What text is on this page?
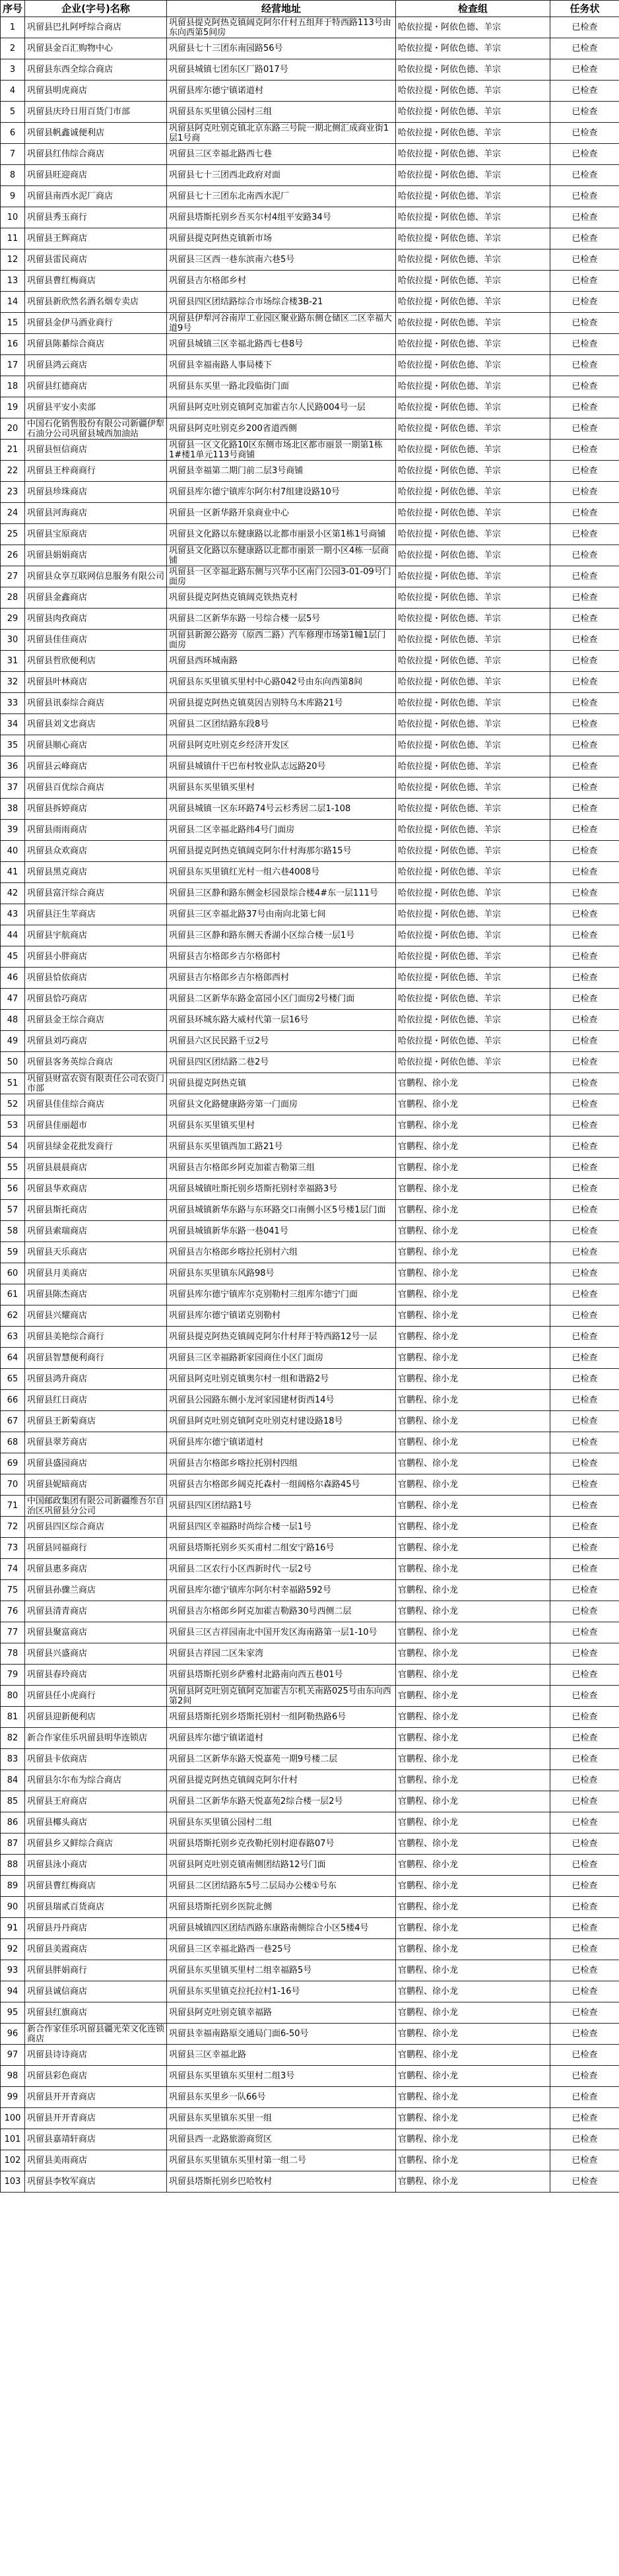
序号	企业(字号)名称	经营地址	检查组	任务状
1	巩留县巴扎阿呼综合商店	巩留县提克阿热克镇阔克阿尔什村五组拜于特西路113号由东向西第5间房	哈依拉提・阿依色德、羊宗	已检查
2	巩留县金百汇购物中心	巩留县七十三团东南园路56号	哈依拉提・阿依色德、羊宗	已检查
3	巩留县东西全综合商店	巩留县城镇七团东区厂路017号	哈依拉提・阿依色德、羊宗	已检查
4	巩留县明虎商店	巩留县库尔德宁镇诺道村	哈依拉提・阿依色德、羊宗	已检查
5	巩留县庆玲日用百货门市部	巩留县东买里镇公园村三组	哈依拉提・阿依色德、羊宗	已检查
6	巩留县帆鑫诚便利店	巩留县阿克吐别克镇北京东路三号院一期北侧汇成商业街1层1号商	哈依拉提・阿依色德、羊宗	已检查
7	巩留县红伟综合商店	巩留县三区幸福北路西七巷	哈依拉提・阿依色德、羊宗	已检查
8	巩留县旺迎商店	巩留县七十三团西北政府对面	哈依拉提・阿依色德、羊宗	已检查
9	巩留县南西水泥厂商店	巩留县七十三团东北南西水泥厂	哈依拉提・阿依色德、羊宗	已检查
10	巩留县秀玉商行	巩留县塔斯托别乡吾买尔村4组平安路34号	哈依拉提・阿依色德、羊宗	已检查
11	巩留县王辉商店	巩留县提克阿热克镇新市场	哈依拉提・阿依色德、羊宗	已检查
12	巩留县雷民商店	巩留县三区西一巷东滨南六巷5号	哈依拉提・阿依色德、羊宗	已检查
13	巩留县曹红梅商店	巩留县吉尔格郎乡村	哈依拉提・阿依色德、羊宗	已检查
14	巩留县新欣然名酒名烟专卖店	巩留县四区团结路综合市场综合楼3B-21	哈依拉提・阿依色德、羊宗	已检查
15	巩留县金伊马酒业商行	巩留县伊犁河谷南岸工业园区聚业路东侧仓储区二区幸福大道9号	哈依拉提・阿依色德、羊宗	已检查
16	巩留县陈綦综合商店	巩留县城镇三区幸福北路西七巷8号	哈依拉提・阿依色德、羊宗	已检查
17	巩留县鸿云商店	巩留县幸福南路人事局楼下	哈依拉提・阿依色德、羊宗	已检查
18	巩留县红德商店	巩留县东买里一路北段临街门面	哈依拉提・阿依色德、羊宗	已检查
19	巩留县平安小卖部	巩留县阿克吐别克镇阿克加霍吉尔人民路004号一层	哈依拉提・阿依色德、羊宗	已检查
20	中国石化销售股份有限公司新疆伊犁石油分公司巩留县城西加油站	巩留县阿克吐别克乡200省道西侧	哈依拉提・阿依色德、羊宗	已检查
21	巩留县恒信商店	巩留县一区文化路10区东侧市场北区都市丽景一期第1栋1#楼1单元113号商铺	哈依拉提・阿依色德、羊宗	已检查
22	巩留县王梓商商行	巩留县幸福第二期门前二层3号商铺	哈依拉提・阿依色德、羊宗	已检查
23	巩留县珍珠商店	巩留县库尔德宁镇库尔阿尔村7组建设路10号	哈依拉提・阿依色德、羊宗	已检查
24	巩留县河海商店	巩留县一区新华路开泉商业中心	哈依拉提・阿依色德、羊宗	已检查
25	巩留县宝原商店	巩留县文化路以东健康路以北都市丽景小区第1栋1号商铺	哈依拉提・阿依色德、羊宗	已检查
26	巩留县娟娟商店	巩留县文化路以东健康路以北都市丽景一期小区4栋一层商铺	哈依拉提・阿依色德、羊宗	已检查
27	巩留县众享互联网信息服务有限公司	巩留县一区幸福北路东侧与兴华小区南门公园3-01-09号门面房	哈依拉提・阿依色德、羊宗	已检查
28	巩留县金鑫商店	巩留县提克阿热克镇阔克铁热克村	哈依拉提・阿依色德、羊宗	已检查
29	巩留县肉孜商店	巩留县二区新华东路一号综合楼一层5号	哈依拉提・阿依色德、羊宗	已检查
30	巩留县佳佳商店	巩留县新源公路旁（原西二路）汽车修理市场第1幢1层门面房	哈依拉提・阿依色德、羊宗	已检查
31	巩留县哲欣便利店	巩留县西环城南路	哈依拉提・阿依色德、羊宗	已检查
32	巩留县叶林商店	巩留县东买里镇买里村中心路042号由东向西第8间	哈依拉提・阿依色德、羊宗	已检查
33	巩留县讯泰综合商店	巩留县提克阿热克镇莫因吉别特乌木库路21号	哈依拉提・阿依色德、羊宗	已检查
34	巩留县刘文忠商店	巩留县二区团结路东段8号	哈依拉提・阿依色德、羊宗	已检查
35	巩留县顺心商店	巩留县阿克吐别克乡经济开发区	哈依拉提・阿依色德、羊宗	已检查
36	巩留县云峰商店	巩留县城镇什干巴布村牧业队志远路20号	哈依拉提・阿依色德、羊宗	已检查
37	巩留县百优综合商店	巩留县东买里镇买里村	哈依拉提・阿依色德、羊宗	已检查
38	巩留县拆婷商店	巩留县城镇一区东环路74号云杉秀居二层1-108	哈依拉提・阿依色德、羊宗	已检查
39	巩留县雨雨商店	巩留县二区幸福北路纬4号门面房	哈依拉提・阿依色德、羊宗	已检查
40	巩留县众欢商店	巩留县提克阿热克镇阔克阿尔什村海那尔路15号	哈依拉提・阿依色德、羊宗	已检查
41	巩留县黑克商店	巩留县东买里镇红光村一组六巷4008号	哈依拉提・阿依色德、羊宗	已检查
42	巩留县富汗综合商店	巩留县三区静和路东侧金杉园景综合楼4#东一层111号	哈依拉提・阿依色德、羊宗	已检查
43	巩留县汪生苹商店	巩留县三区幸福北路37号由南向北第七间	哈依拉提・阿依色德、羊宗	已检查
44	巩留县宇航商店	巩留县三区静和路东侧天香湖小区综合楼一层1号	哈依拉提・阿依色德、羊宗	已检查
45	巩留县小胖商店	巩留县吉尔格郎乡吉尔格郎村	哈依拉提・阿依色德、羊宗	已检查
46	巩留县恰依商店	巩留县吉尔格郎乡吉尔格郎西村	哈依拉提・阿依色德、羊宗	已检查
47	巩留县恰巧商店	巩留县二区新华东路金富园小区门面房2号楼门面	哈依拉提・阿依色德、羊宗	已检查
48	巩留县金王综合商店	巩留县环城东路大威村代第一层16号	哈依拉提・阿依色德、羊宗	已检查
49	巩留县刘巧商店	巩留县六区民民路千豆2号	哈依拉提・阿依色德、羊宗	已检查
50	巩留县客务英综合商店	巩留县四区团结路二巷2号	哈依拉提・阿依色德、羊宗	已检查
51	巩留县财富农资有限责任公司农资门市部	巩留县提克阿热克镇	官鹏程、徐小龙	已检查
52	巩留县佳佳综合商店	巩留县文化路健康路旁第一门面房	官鹏程、徐小龙	已检查
53	巩留县佳丽超市	巩留县东买里镇买里村	官鹏程、徐小龙	已检查
54	巩留县绿金花批发商行	巩留县东买里镇西加工路21号	官鹏程、徐小龙	已检查
55	巩留县晨晨商店	巩留县吉尔格郎乡阿克加霍吉勒第三组	官鹏程、徐小龙	已检查
56	巩留县华欢商店	巩留县城镇吐斯托别乡塔斯托别村幸福路3号	官鹏程、徐小龙	已检查
57	巩留县斯托商店	巩留县城镇新华东路与东环路交口南侧小区5号楼1层门面	官鹏程、徐小龙	已检查
58	巩留县索瑞商店	巩留县城镇新华东路一巷041号	官鹏程、徐小龙	已检查
59	巩留县天乐商店	巩留县吉尔格郎乡喀拉托别村六组	官鹏程、徐小龙	已检查
60	巩留县月美商店	巩留县东买里镇东风路98号	官鹏程、徐小龙	已检查
61	巩留县陈杰商店	巩留县库尔德宁镇库尔克别勒村三组库尔德宁门面	官鹏程、徐小龙	已检查
62	巩留县兴耀商店	巩留县库尔德宁镇诺克别勒村	官鹏程、徐小龙	已检查
63	巩留县美艳综合商行	巩留县提克阿热克镇阔克阿尔什村拜于特西路12号一层	官鹏程、徐小龙	已检查
64	巩留县智慧便利商行	巩留县三区幸福路新家园商住小区门面房	官鹏程、徐小龙	已检查
65	巩留县鸿升商店	巩留县阿克吐别克镇奥尔村一组和谐路2号	官鹏程、徐小龙	已检查
66	巩留县红日商店	巩留县公园路东侧小龙河家园建材街西14号	官鹏程、徐小龙	已检查
67	巩留县王新菊商店	巩留县阿克吐别克镇阿克吐别克村建设路18号	官鹏程、徐小龙	已检查
68	巩留县翠芳商店	巩留县库尔德宁镇诺道村	官鹏程、徐小龙	已检查
69	巩留县盛园商店	巩留县吉尔格郎乡喀拉托别村四组	官鹏程、徐小龙	已检查
70	巩留县妮暗商店	巩留县吉尔格郎乡阔克托森村一组阔格尔森路45号	官鹏程、徐小龙	已检查
71	中国邮政集团有限公司新疆维吾尔自治区巩留县分公司	巩留县四区团结路1号	官鹏程、徐小龙	已检查
72	巩留县四区综合商店	巩留县四区幸福路时尚综合楼一层1号	官鹏程、徐小龙	已检查
73	巩留县同福商行	巩留县塔斯托别乡买买甫村二组安宁路16号	官鹏程、徐小龙	已检查
74	巩留县惠多商店	巩留县二区农行小区西新时代一层2号	官鹏程、徐小龙	已检查
75	巩留县孙骤兰商店	巩留县库尔德宁镇库尔阿尔村幸福路592号	官鹏程、徐小龙	已检查
76	巩留县清青商店	巩留县吉尔格郎乡阿克加霍吉勒路30号西侧二层	官鹏程、徐小龙	已检查
77	巩留县聚富商店	巩留县三区吉祥园南北中国开发区海南路第一层1-10号	官鹏程、徐小龙	已检查
78	巩留县兴盛商店	巩留县吉祥园二区朱家湾	官鹏程、徐小龙	已检查
79	巩留县春玲商店	巩留县塔斯托别乡萨雅村北路南向西五巷01号	官鹏程、徐小龙	已检查
80	巩留县任小虎商行	巩留县阿克吐别克镇阿克加霍吉尔机关南路025号由东向西第2间	官鹏程、徐小龙	已检查
81	巩留县迎新便利店	巩留县塔斯托别乡塔斯托别村一组阿勒热路6号	官鹏程、徐小龙	已检查
82	新合作家佳乐巩留县明华连锁店	巩留县库尔德宁镇诺道村	官鹏程、徐小龙	已检查
83	巩留县卡依商店	巩留县二区新华东路天悦嘉苑一期9号楼二层	官鹏程、徐小龙	已检查
84	巩留县尔尔布为综合商店	巩留县提克阿热克镇阔克阿尔什村	官鹏程、徐小龙	已检查
85	巩留县王府商店	巩留县二区新华东路天悦嘉苑2综合楼一层2号	官鹏程、徐小龙	已检查
86	巩留县椰头商店	巩留县东买里镇公园村二组	官鹏程、徐小龙	已检查
87	巩留县乡又鲜综合商店	巩留县塔斯托别乡克孜勒托别村迎春路07号	官鹏程、徐小龙	已检查
88	巩留县泳小商店	巩留县阿克吐别克镇南侧团结路12号门面	官鹏程、徐小龙	已检查
89	巩留县曹红梅商店	巩留县二区团结路东5号二层局办公楼①号东	官鹏程、徐小龙	已检查
90	巩留县瑞贰百货商店	巩留县塔斯托别乡医院北侧	官鹏程、徐小龙	已检查
91	巩留县丹丹商店	巩留县城镇四区团结西路东康路南侧综合小区5楼4号	官鹏程、徐小龙	已检查
92	巩留县美霞商店	巩留县三区幸福北路西一巷25号	官鹏程、徐小龙	已检查
93	巩留县胖娟商行	巩留县东买里镇买里村二组幸福路5号	官鹏程、徐小龙	已检查
94	巩留县诚信商店	巩留县东买里镇克拉托拉村1-16号	官鹏程、徐小龙	已检查
95	巩留县红旗商店	巩留县阿克吐别克镇幸福路	官鹏程、徐小龙	已检查
96	新合作家佳乐巩留县疆光荣文化连锁商店	巩留县幸福南路原交通局门面6-50号	官鹏程、徐小龙	已检查
97	巩留县诗诗商店	巩留县三区幸福北路	官鹏程、徐小龙	已检查
98	巩留县彩色商店	巩留县东买里镇东买里村二组3号	官鹏程、徐小龙	已检查
99	巩留县开开青商店	巩留县东买里乡一队66号	官鹏程、徐小龙	已检查
100	巩留县开开青商店	巩留县东买里镇东买里一组	官鹏程、徐小龙	已检查
101	巩留县嘉靖轩商店	巩留县西一北路旅游商贸区	官鹏程、徐小龙	已检查
102	巩留县美雨商店	巩留县东买里镇东买里村第一组二号	官鹏程、徐小龙	已检查
103	巩留县李牧军商店	巩留县塔斯托别乡巴哈牧村	官鹏程、徐小龙	已检查
